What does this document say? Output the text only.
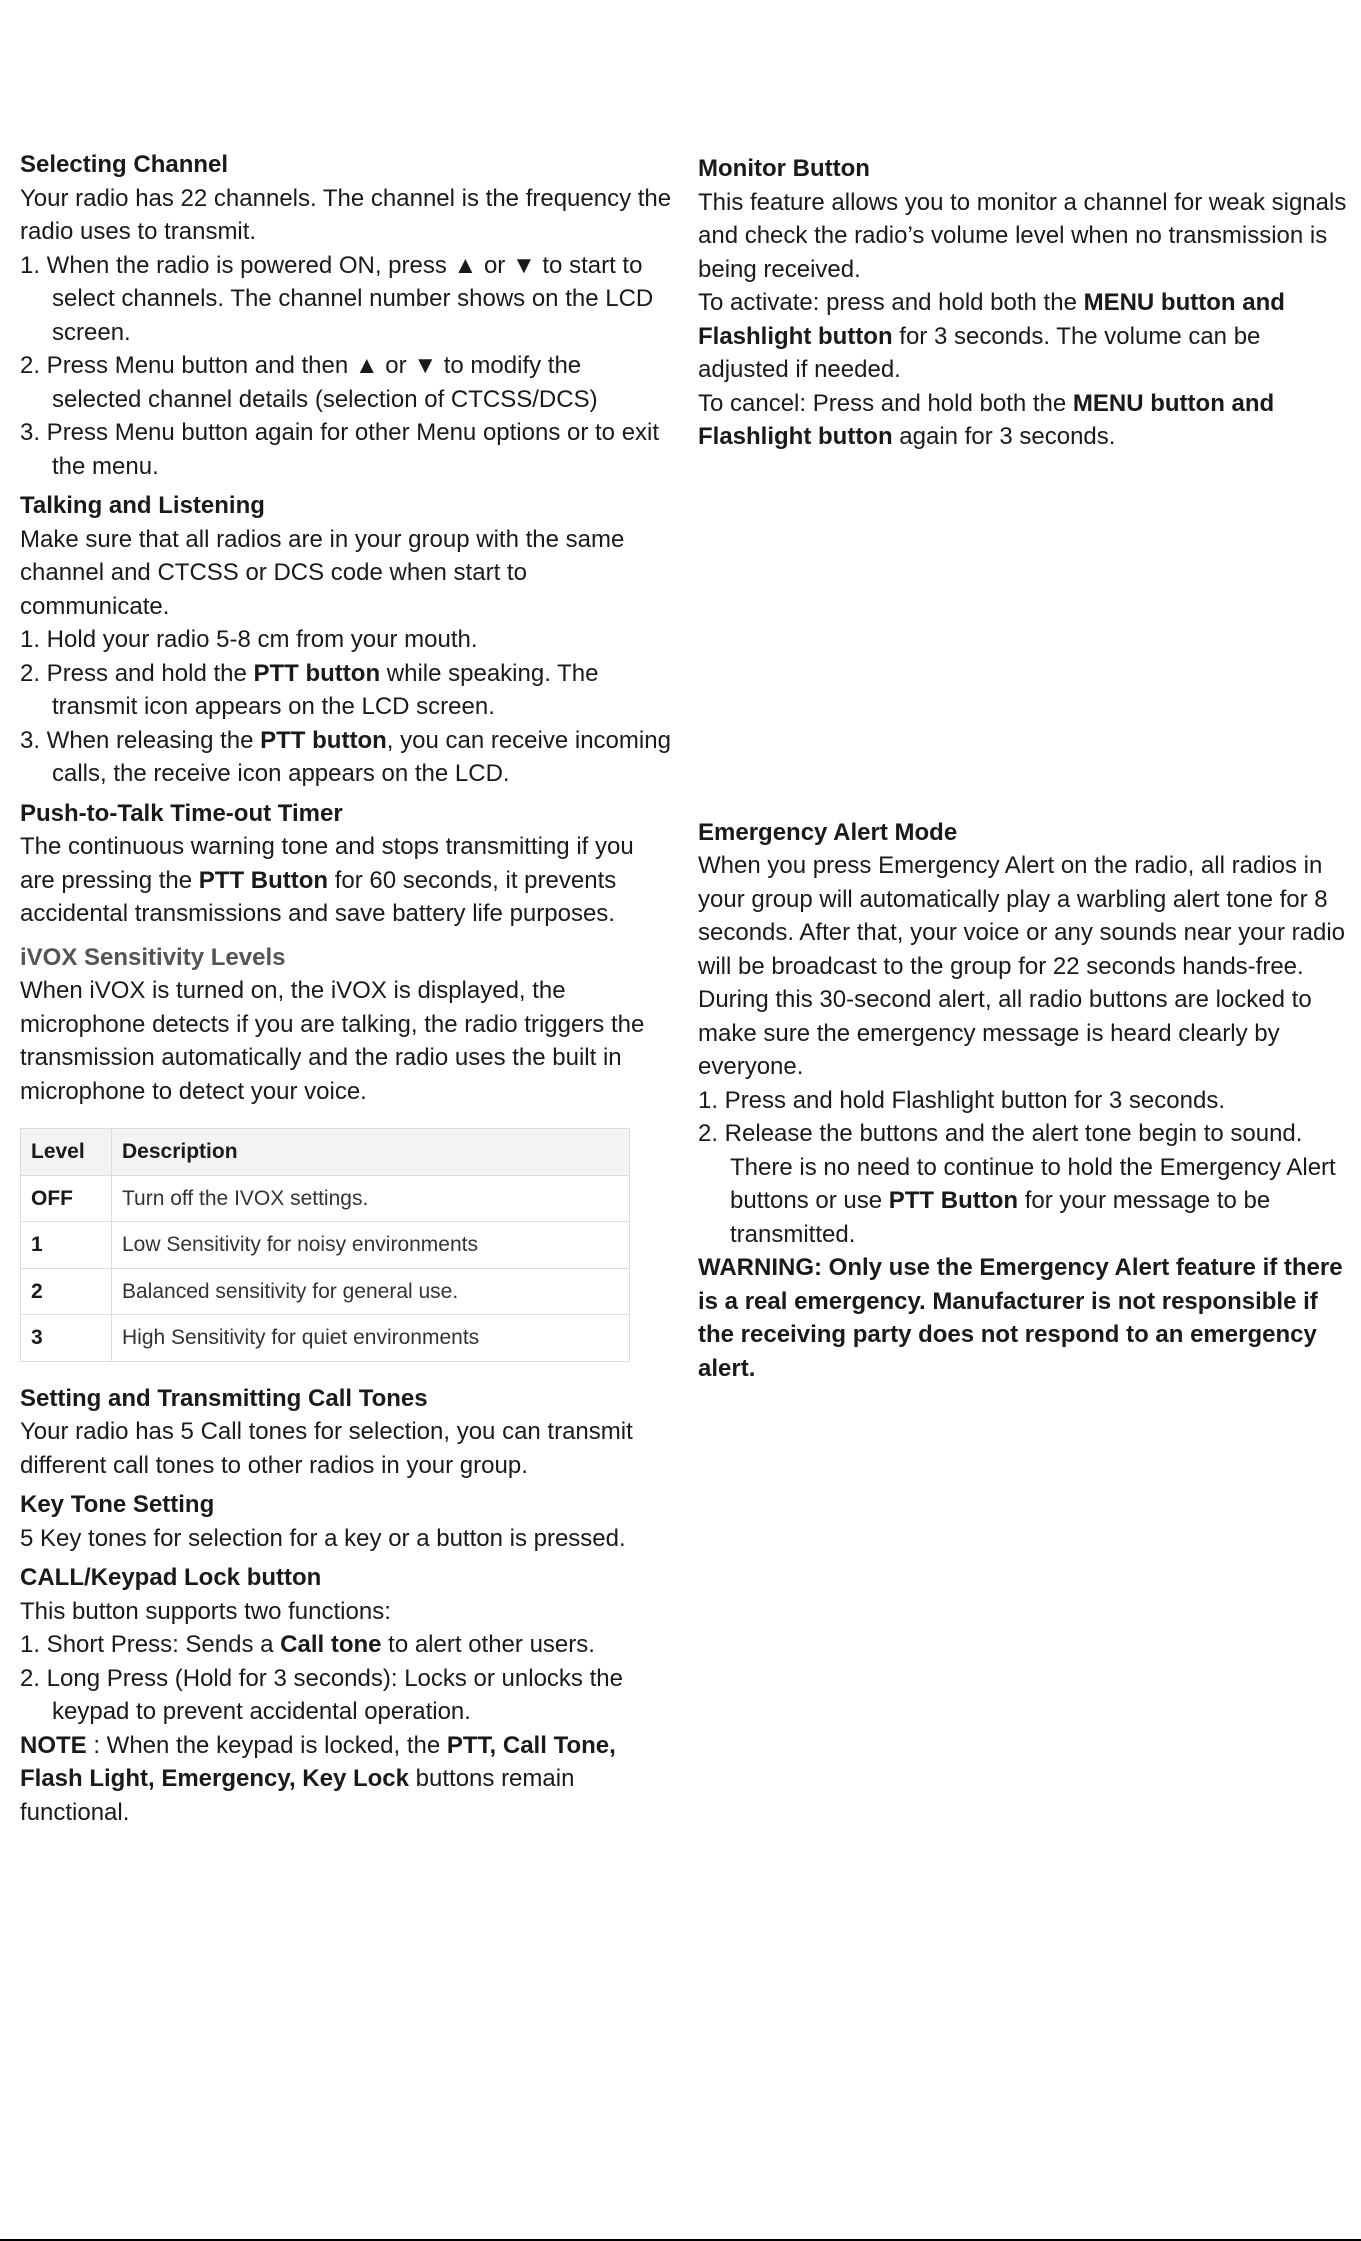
Selecting Channel

Your radio has 22 channels. The channel is the frequency the radio uses to transmit.

1. When the radio is powered ON, press ▲ or ▼ to start to select channels. The channel number shows on the LCD screen.
2. Press Menu button and then ▲ or ▼ to modify the selected channel details (selection of CTCSS/DCS)
3. Press Menu button again for other Menu options or to exit the menu.
Talking and Listening

Make sure that all radios are in your group with the same channel and CTCSS or DCS code when start to communicate.

1. Hold your radio 5-8 cm from your mouth.
2. Press and hold the PTT button while speaking. The transmit icon appears on the LCD screen.
3. When releasing the PTT button, you can receive incoming calls, the receive icon appears on the LCD.
Push-to-Talk Time-out Timer

The continuous warning tone and stops transmitting if you are pressing the PTT Button for 60 seconds, it prevents accidental transmissions and save battery life purposes.

iVOX Sensitivity Levels

When iVOX is turned on, the iVOX is displayed, the microphone detects if you are talking, the radio triggers the transmission automatically and the radio uses the built in microphone to detect your voice.

Level	Description
OFF	Turn off the IVOX settings.
1	Low Sensitivity for noisy environments
2	Balanced sensitivity for general use.
3	High Sensitivity for quiet environments
Setting and Transmitting Call Tones

Your radio has 5 Call tones for selection, you can transmit different call tones to other radios in your group.

Key Tone Setting

5 Key tones for selection for a key or a button is pressed.

CALL/Keypad Lock button

This button supports two functions:

1. Short Press: Sends a Call tone to alert other users.
2. Long Press (Hold for 3 seconds): Locks or unlocks the keypad to prevent accidental operation.

NOTE : When the keypad is locked, the PTT, Call Tone, Flash Light, Emergency, Key Lock buttons remain functional.

Monitor Button

This feature allows you to monitor a channel for weak signals and check the radio’s volume level when no transmission is being received.

To activate: press and hold both the MENU button and Flashlight button for 3 seconds. The volume can be adjusted if needed.

To cancel: Press and hold both the MENU button and Flashlight button again for 3 seconds.

Emergency Alert Mode

When you press Emergency Alert on the radio, all radios in your group will automatically play a warbling alert tone for 8 seconds. After that, your voice or any sounds near your radio will be broadcast to the group for 22 seconds hands-free. During this 30-second alert, all radio buttons are locked to make sure the emergency message is heard clearly by everyone.

1. Press and hold Flashlight button for 3 seconds.
2. Release the buttons and the alert tone begin to sound. There is no need to continue to hold the Emergency Alert buttons or use PTT Button for your message to be transmitted.

WARNING: Only use the Emergency Alert feature if there is a real emergency. Manufacturer is not responsible if the receiving party does not respond to an emergency alert.
